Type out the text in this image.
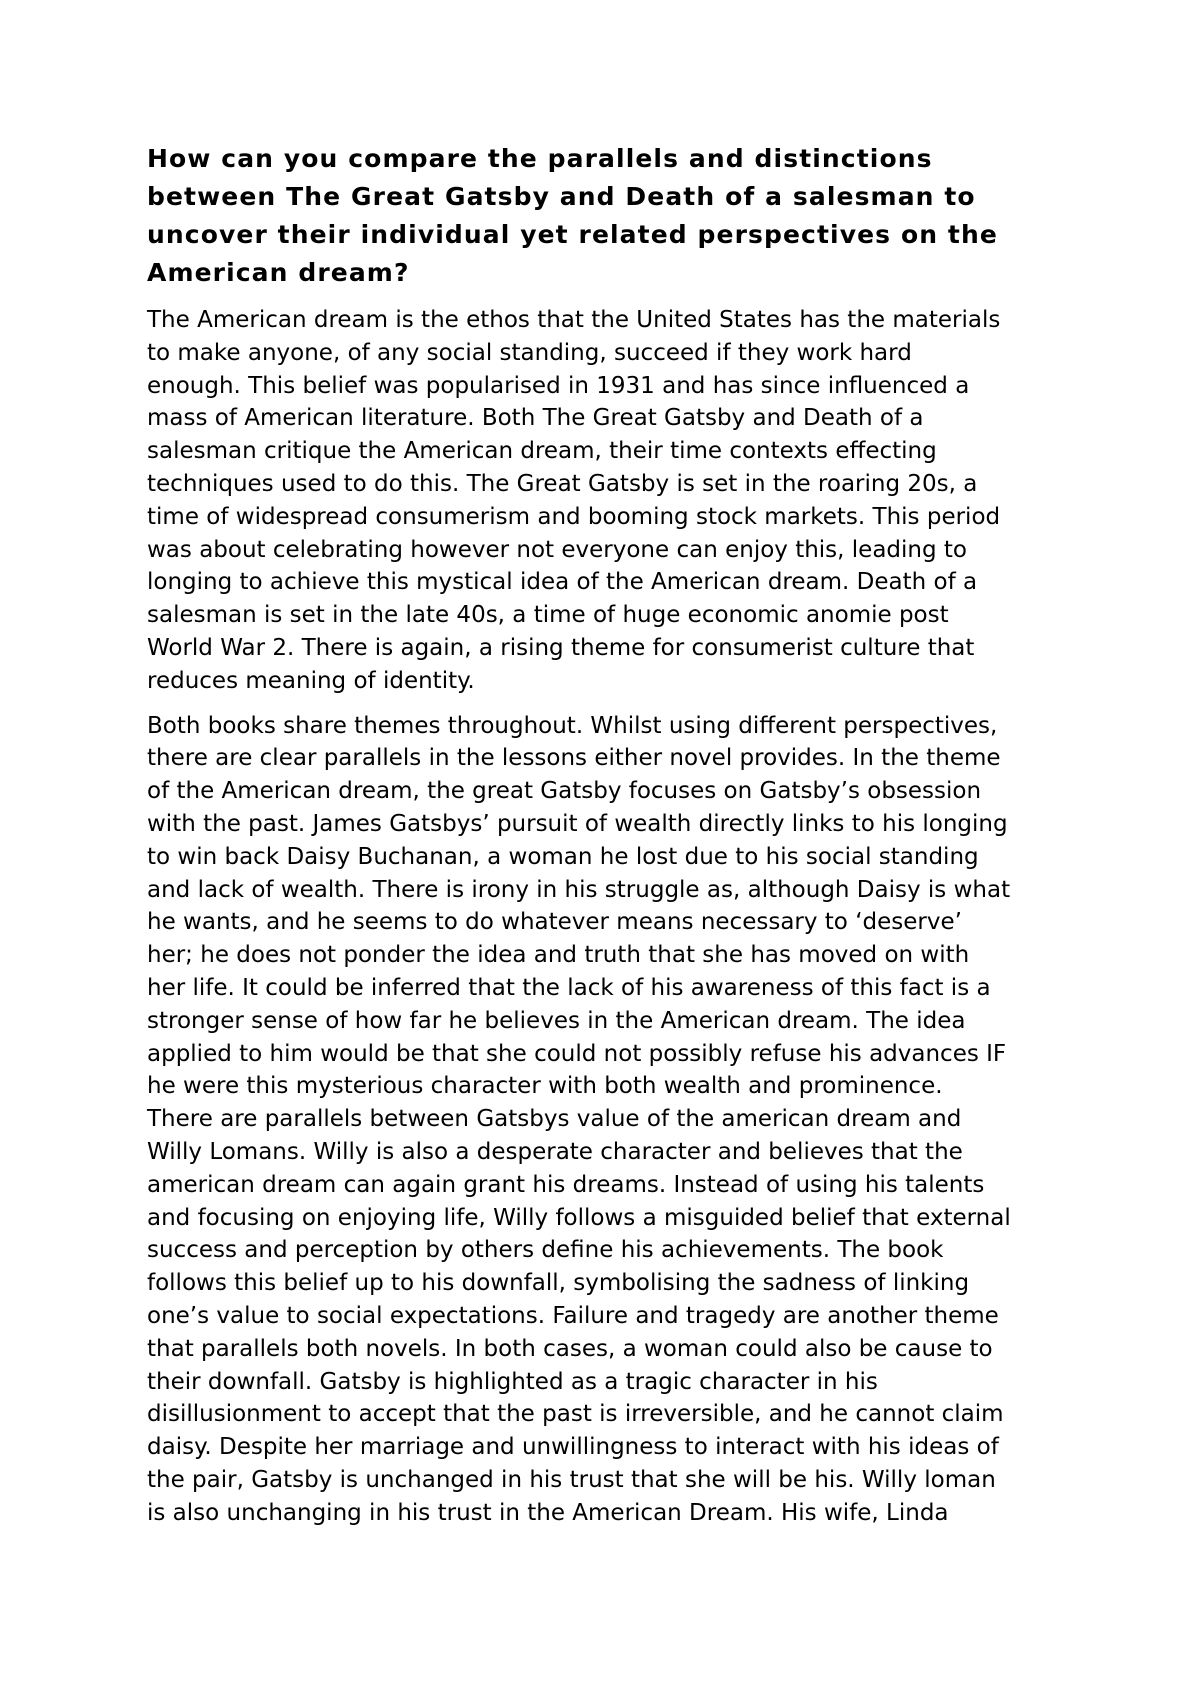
How can you compare the parallels and distinctions
between The Great Gatsby and Death of a salesman to
uncover their individual yet related perspectives on the
American dream?

The American dream is the ethos that the United States has the materials
to make anyone, of any social standing, succeed if they work hard
enough. This belief was popularised in 1931 and has since influenced a
mass of American literature. Both The Great Gatsby and Death of a
salesman critique the American dream, their time contexts effecting
techniques used to do this. The Great Gatsby is set in the roaring 20s, a
time of widespread consumerism and booming stock markets. This period
was about celebrating however not everyone can enjoy this, leading to
longing to achieve this mystical idea of the American dream. Death of a
salesman is set in the late 40s, a time of huge economic anomie post
World War 2. There is again, a rising theme for consumerist culture that
reduces meaning of identity.

Both books share themes throughout. Whilst using different perspectives,
there are clear parallels in the lessons either novel provides. In the theme
of the American dream, the great Gatsby focuses on Gatsby’s obsession
with the past. James Gatsbys’ pursuit of wealth directly links to his longing
to win back Daisy Buchanan, a woman he lost due to his social standing
and lack of wealth. There is irony in his struggle as, although Daisy is what
he wants, and he seems to do whatever means necessary to ‘deserve’
her; he does not ponder the idea and truth that she has moved on with
her life. It could be inferred that the lack of his awareness of this fact is a
stronger sense of how far he believes in the American dream. The idea
applied to him would be that she could not possibly refuse his advances IF
he were this mysterious character with both wealth and prominence.
There are parallels between Gatsbys value of the american dream and
Willy Lomans. Willy is also a desperate character and believes that the
american dream can again grant his dreams. Instead of using his talents
and focusing on enjoying life, Willy follows a misguided belief that external
success and perception by others define his achievements. The book
follows this belief up to his downfall, symbolising the sadness of linking
one’s value to social expectations. Failure and tragedy are another theme
that parallels both novels. In both cases, a woman could also be cause to
their downfall. Gatsby is highlighted as a tragic character in his
disillusionment to accept that the past is irreversible, and he cannot claim
daisy. Despite her marriage and unwillingness to interact with his ideas of
the pair, Gatsby is unchanged in his trust that she will be his. Willy loman
is also unchanging in his trust in the American Dream. His wife, Linda
